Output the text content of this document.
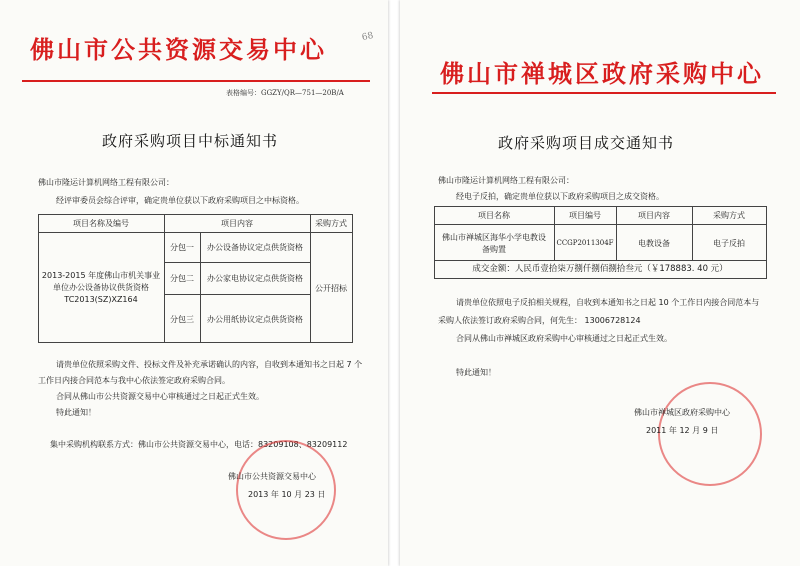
佛山市公共资源交易中心	68

表格编号：GGZY/QR—751—20B/A

政府采购项目中标通知书

佛山市隆运计算机网络工程有限公司：

经评审委员会综合评审，确定贵单位获以下政府采购项目之中标资格。

项目名称及编号	项目内容	采购方式
2013-2015 年度佛山市机关事业
单位办公设备协议供货资格
TC2013(SZ)XZ164
分包一	办公设备协议定点供货资格
分包二	办公家电协议定点供货资格
分包三	办公用纸协议定点供货资格
公开招标

请贵单位依照采购文件、投标文件及补充承诺确认的内容，自收到本通知书之日起 7 个

工作日内接合同范本与我中心依法签定政府采购合同。

合同从佛山市公共资源交易中心审核通过之日起正式生效。

特此通知！

集中采购机构联系方式：佛山市公共资源交易中心，电话：83209108、83209112

佛山市公共资源交易中心

2013 年 10 月 23 日

佛山市禅城区政府采购中心

政府采购项目成交通知书

佛山市隆运计算机网络工程有限公司：

经电子反拍，确定贵单位获以下政府采购项目之成交资格。

项目名称	项目编号	项目内容	采购方式
佛山市禅城区海华小学电教设
备购置
CCGP2011304F	电教设备	电子反拍
成交金额：人民币壹拾柒万捌仟捌佰捌拾叁元（￥178883. 40 元）

请贵单位依照电子反拍相关规程，自收到本通知书之日起 10 个工作日内接合同范本与

采购人依法签订政府采购合同，何先生： 13006728124

合同从佛山市禅城区政府采购中心审核通过之日起正式生效。

特此通知！

佛山市禅城区政府采购中心

2011 年 12 月 9 日
